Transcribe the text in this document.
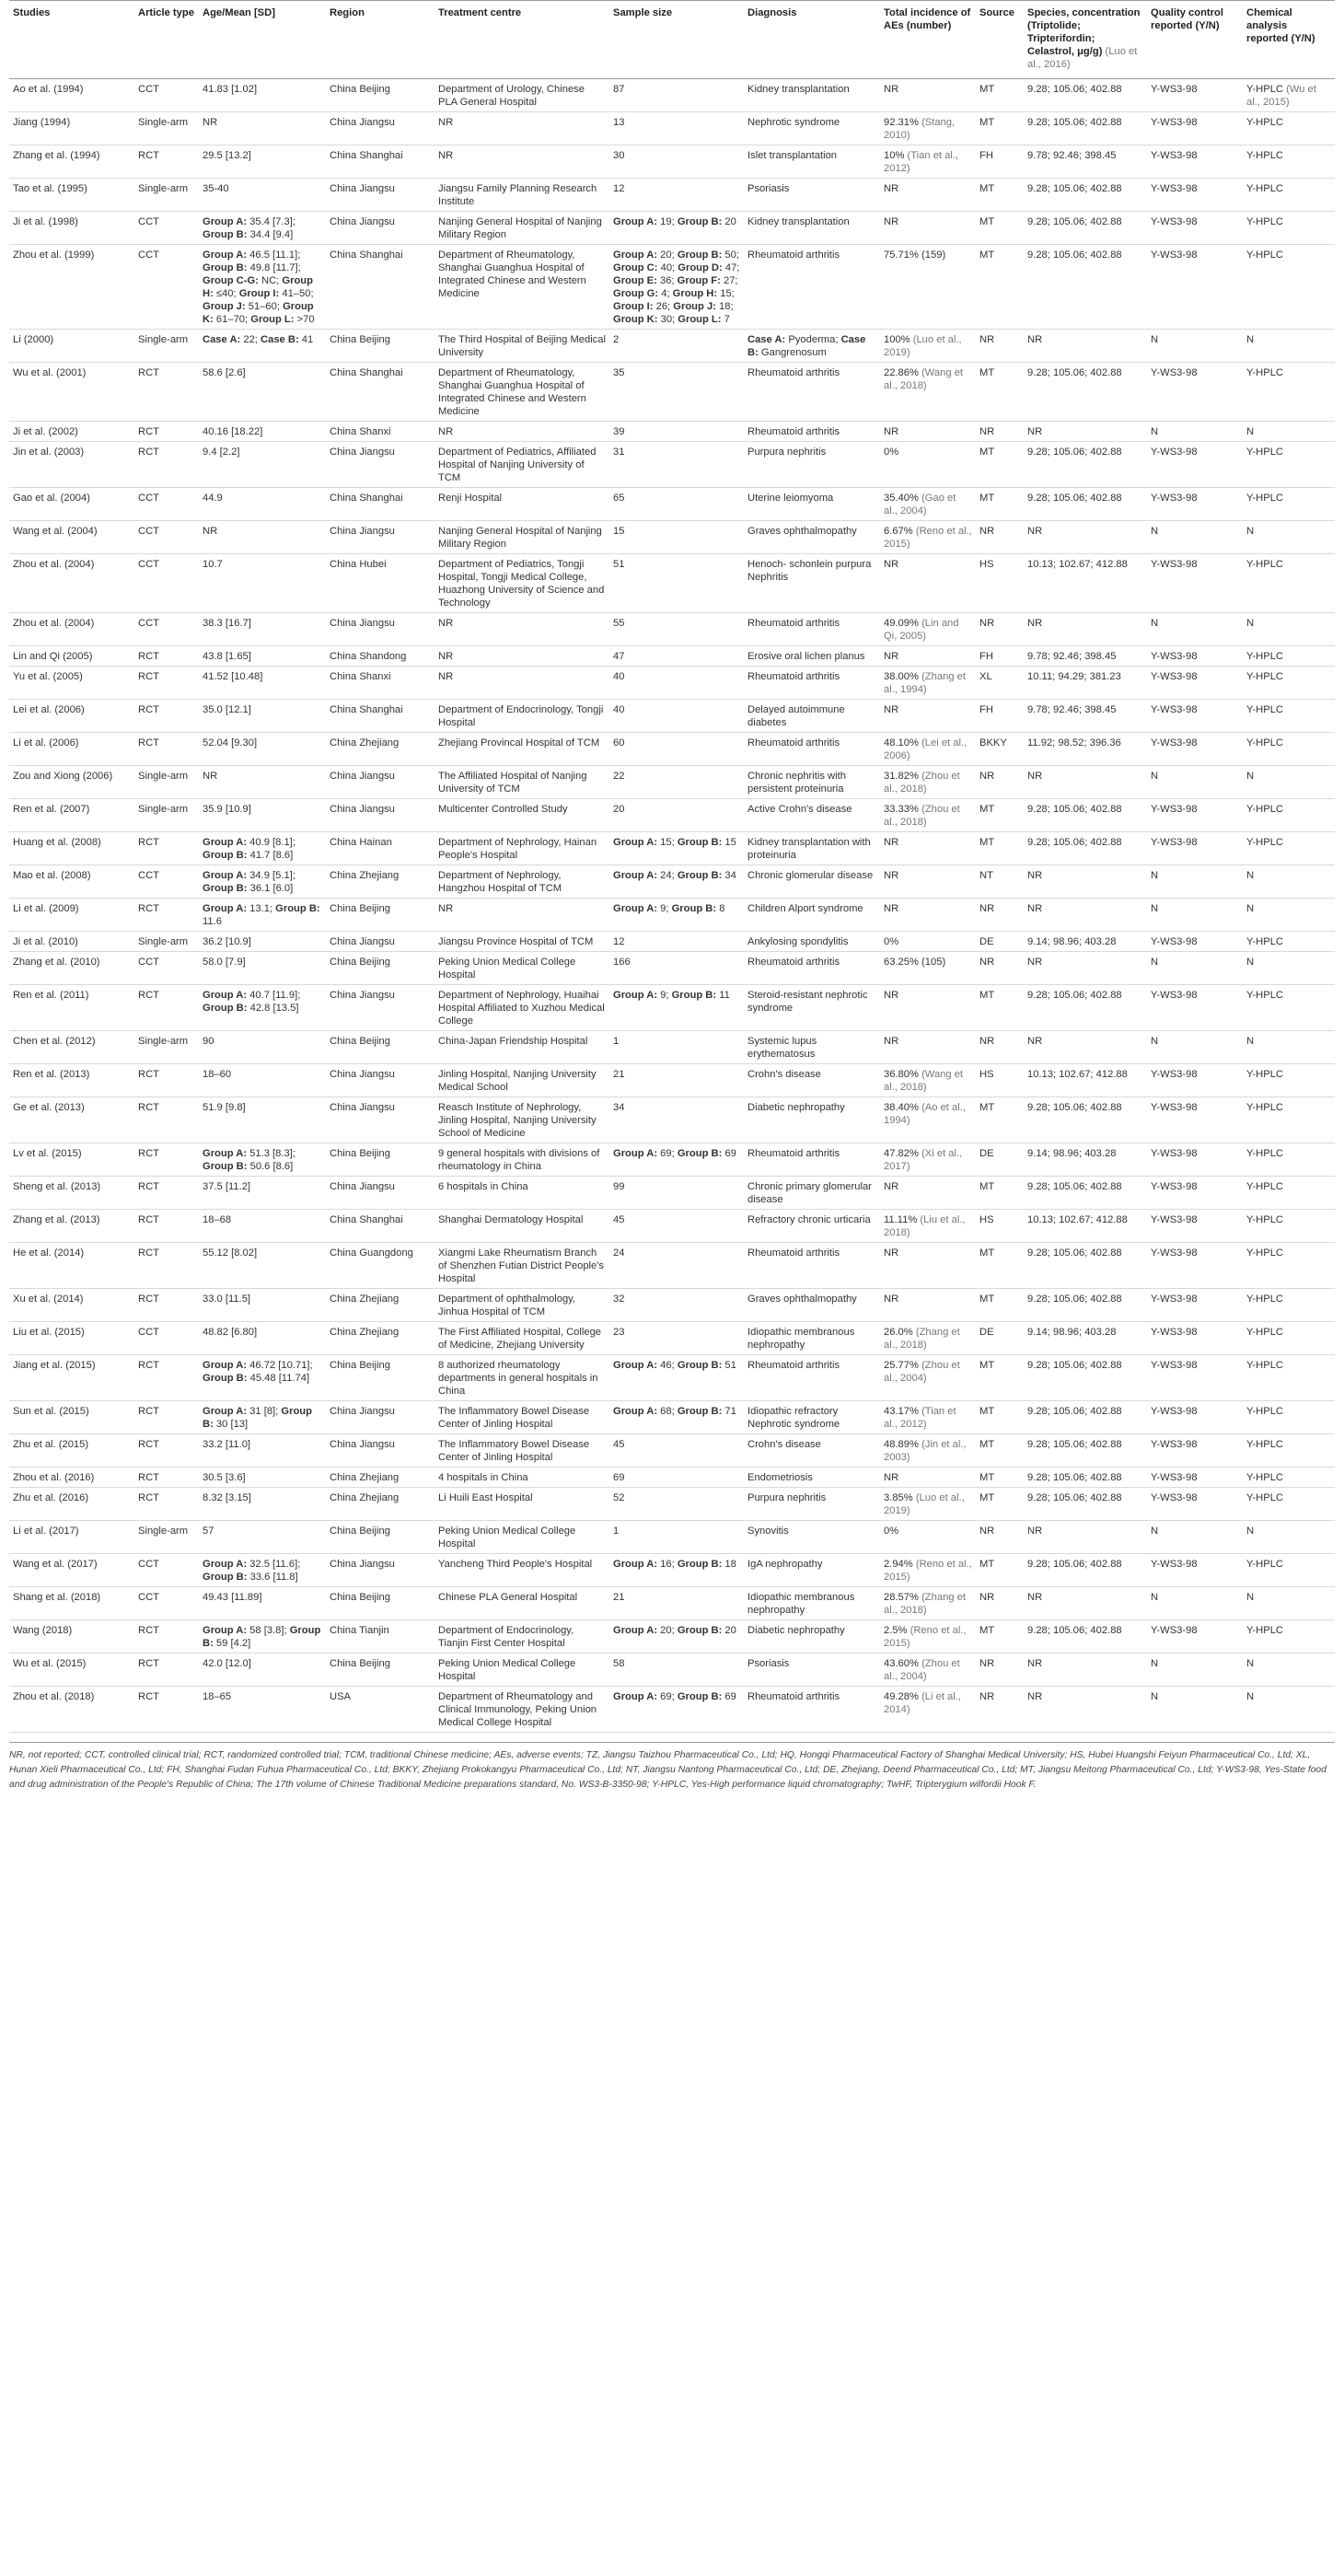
Studies	Article type	Age/Mean [SD]	Region	Treatment centre	Sample size	Diagnosis	Total incidence of AEs (number)	Source	Species, concentration (Triptolide; Tripterifordin; Celastrol, μg/g) (Luo et al., 2016)	Quality control reported (Y/N)	Chemical analysis reported (Y/N)
Ao et al. (1994)	CCT	41.83 [1.02]	China Beijing	Department of Urology, Chinese PLA General Hospital	87	Kidney transplantation	NR	MT	9.28; 105.06; 402.88	Y-WS3-98	Y-HPLC (Wu et al., 2015)
Jiang (1994)	Single-arm	NR	China Jiangsu	NR	13	Nephrotic syndrome	92.31% (Stang, 2010)	MT	9.28; 105.06; 402.88	Y-WS3-98	Y-HPLC
Zhang et al. (1994)	RCT	29.5 [13.2]	China Shanghai	NR	30	Islet transplantation	10% (Tian et al., 2012)	FH	9.78; 92.46; 398.45	Y-WS3-98	Y-HPLC
Tao et al. (1995)	Single-arm	35-40	China Jiangsu	Jiangsu Family Planning Research Institute	12	Psoriasis	NR	MT	9.28; 105.06; 402.88	Y-WS3-98	Y-HPLC
Ji et al. (1998)	CCT	Group A: 35.4 [7.3]; Group B: 34.4 [9.4]	China Jiangsu	Nanjing General Hospital of Nanjing Military Region	Group A: 19; Group B: 20	Kidney transplantation	NR	MT	9.28; 105.06; 402.88	Y-WS3-98	Y-HPLC
Zhou et al. (1999)	CCT	Group A: 46.5 [11.1]; Group B: 49.8 [11.7]; Group C-G: NC; Group H: ≤40; Group I: 41–50; Group J: 51–60; Group K: 61–70; Group L: >70	China Shanghai	Department of Rheumatology, Shanghai Guanghua Hospital of Integrated Chinese and Western Medicine	Group A: 20; Group B: 50; Group C: 40; Group D: 47; Group E: 36; Group F: 27; Group G: 4; Group H: 15; Group I: 26; Group J: 18; Group K: 30; Group L: 7	Rheumatoid arthritis	75.71% (159)	MT	9.28; 105.06; 402.88	Y-WS3-98	Y-HPLC
Li (2000)	Single-arm	Case A: 22; Case B: 41	China Beijing	The Third Hospital of Beijing Medical University	2	Case A: Pyoderma; Case B: Gangrenosum	100% (Luo et al., 2019)	NR	NR	N	N
Wu et al. (2001)	RCT	58.6 [2.6]	China Shanghai	Department of Rheumatology, Shanghai Guanghua Hospital of Integrated Chinese and Western Medicine	35	Rheumatoid arthritis	22.86% (Wang et al., 2018)	MT	9.28; 105.06; 402.88	Y-WS3-98	Y-HPLC
Ji et al. (2002)	RCT	40.16 [18.22]	China Shanxi	NR	39	Rheumatoid arthritis	NR	NR	NR	N	N
Jin et al. (2003)	RCT	9.4 [2.2]	China Jiangsu	Department of Pediatrics, Affiliated Hospital of Nanjing University of TCM	31	Purpura nephritis	0%	MT	9.28; 105.06; 402.88	Y-WS3-98	Y-HPLC
Gao et al. (2004)	CCT	44.9	China Shanghai	Renji Hospital	65	Uterine leiomyoma	35.40% (Gao et al., 2004)	MT	9.28; 105.06; 402.88	Y-WS3-98	Y-HPLC
Wang et al. (2004)	CCT	NR	China Jiangsu	Nanjing General Hospital of Nanjing Military Region	15	Graves ophthalmopathy	6.67% (Reno et al., 2015)	NR	NR	N	N
Zhou et al. (2004)	CCT	10.7	China Hubei	Department of Pediatrics, Tongji Hospital, Tongji Medical College, Huazhong University of Science and Technology	51	Henoch- schonlein purpura Nephritis	NR	HS	10.13; 102.67; 412.88	Y-WS3-98	Y-HPLC
Zhou et al. (2004)	CCT	38.3 [16.7]	China Jiangsu	NR	55	Rheumatoid arthritis	49.09% (Lin and Qi, 2005)	NR	NR	N	N
Lin and Qi (2005)	RCT	43.8 [1.65]	China Shandong	NR	47	Erosive oral lichen planus	NR	FH	9.78; 92.46; 398.45	Y-WS3-98	Y-HPLC
Yu et al. (2005)	RCT	41.52 [10.48]	China Shanxi	NR	40	Rheumatoid arthritis	38.00% (Zhang et al., 1994)	XL	10.11; 94.29; 381.23	Y-WS3-98	Y-HPLC
Lei et al. (2006)	RCT	35.0 [12.1]	China Shanghai	Department of Endocrinology, Tongji Hospital	40	Delayed autoimmune diabetes	NR	FH	9.78; 92.46; 398.45	Y-WS3-98	Y-HPLC
Li et al. (2006)	RCT	52.04 [9.30]	China Zhejiang	Zhejiang Provincal Hospital of TCM	60	Rheumatoid arthritis	48.10% (Lei et al., 2006)	BKKY	11.92; 98.52; 396.36	Y-WS3-98	Y-HPLC
Zou and Xiong (2006)	Single-arm	NR	China Jiangsu	The Affiliated Hospital of Nanjing University of TCM	22	Chronic nephritis with persistent proteinuria	31.82% (Zhou et al., 2018)	NR	NR	N	N
Ren et al. (2007)	Single-arm	35.9 [10.9]	China Jiangsu	Multicenter Controlled Study	20	Active Crohn's disease	33.33% (Zhou et al., 2018)	MT	9.28; 105.06; 402.88	Y-WS3-98	Y-HPLC
Huang et al. (2008)	RCT	Group A: 40.9 [8.1]; Group B: 41.7 [8.6]	China Hainan	Department of Nephrology, Hainan People's Hospital	Group A: 15; Group B: 15	Kidney transplantation with proteinuria	NR	MT	9.28; 105.06; 402.88	Y-WS3-98	Y-HPLC
Mao et al. (2008)	CCT	Group A: 34.9 [5.1]; Group B: 36.1 [6.0]	China Zhejiang	Department of Nephrology, Hangzhou Hospital of TCM	Group A: 24; Group B: 34	Chronic glomerular disease	NR	NT	NR	N	N
Li et al. (2009)	RCT	Group A: 13.1; Group B: 11.6	China Beijing	NR	Group A: 9; Group B: 8	Children Alport syndrome	NR	NR	NR	N	N
Ji et al. (2010)	Single-arm	36.2 [10.9]	China Jiangsu	Jiangsu Province Hospital of TCM	12	Ankylosing spondylitis	0%	DE	9.14; 98.96; 403.28	Y-WS3-98	Y-HPLC
Zhang et al. (2010)	CCT	58.0 [7.9]	China Beijing	Peking Union Medical College Hospital	166	Rheumatoid arthritis	63.25% (105)	NR	NR	N	N
Ren et al. (2011)	RCT	Group A: 40.7 [11.9]; Group B: 42.8 [13.5]	China Jiangsu	Department of Nephrology, Huaihai Hospital Affiliated to Xuzhou Medical College	Group A: 9; Group B: 11	Steroid-resistant nephrotic syndrome	NR	MT	9.28; 105.06; 402.88	Y-WS3-98	Y-HPLC
Chen et al. (2012)	Single-arm	90	China Beijing	China-Japan Friendship Hospital	1	Systemic lupus erythematosus	NR	NR	NR	N	N
Ren et al. (2013)	RCT	18–60	China Jiangsu	Jinling Hospital, Nanjing University Medical School	21	Crohn's disease	36.80% (Wang et al., 2018)	HS	10.13; 102.67; 412.88	Y-WS3-98	Y-HPLC
Ge et al. (2013)	RCT	51.9 [9.8]	China Jiangsu	Reasch Institute of Nephrology, Jinling Hospital, Nanjing University School of Medicine	34	Diabetic nephropathy	38.40% (Ao et al., 1994)	MT	9.28; 105.06; 402.88	Y-WS3-98	Y-HPLC
Lv et al. (2015)	RCT	Group A: 51.3 [8.3]; Group B: 50.6 [8.6]	China Beijing	9 general hospitals with divisions of rheumatology in China	Group A: 69; Group B: 69	Rheumatoid arthritis	47.82% (Xi et al., 2017)	DE	9.14; 98.96; 403.28	Y-WS3-98	Y-HPLC
Sheng et al. (2013)	RCT	37.5 [11.2]	China Jiangsu	6 hospitals in China	99	Chronic primary glomerular disease	NR	MT	9.28; 105.06; 402.88	Y-WS3-98	Y-HPLC
Zhang et al. (2013)	RCT	18–68	China Shanghai	Shanghai Dermatology Hospital	45	Refractory chronic urticaria	11.11% (Liu et al., 2018)	HS	10.13; 102.67; 412.88	Y-WS3-98	Y-HPLC
He et al. (2014)	RCT	55.12 [8.02]	China Guangdong	Xiangmi Lake Rheumatism Branch of Shenzhen Futian District People's Hospital	24	Rheumatoid arthritis	NR	MT	9.28; 105.06; 402.88	Y-WS3-98	Y-HPLC
Xu et al. (2014)	RCT	33.0 [11.5]	China Zhejiang	Department of ophthalmology, Jinhua Hospital of TCM	32	Graves ophthalmopathy	NR	MT	9.28; 105.06; 402.88	Y-WS3-98	Y-HPLC
Liu et al. (2015)	CCT	48.82 [6.80]	China Zhejiang	The First Affiliated Hospital, College of Medicine, Zhejiang University	23	Idiopathic membranous nephropathy	26.0% (Zhang et al., 2018)	DE	9.14; 98.96; 403.28	Y-WS3-98	Y-HPLC
Jiang et al. (2015)	RCT	Group A: 46.72 [10.71]; Group B: 45.48 [11.74]	China Beijing	8 authorized rheumatology departments in general hospitals in China	Group A: 46; Group B: 51	Rheumatoid arthritis	25.77% (Zhou et al., 2004)	MT	9.28; 105.06; 402.88	Y-WS3-98	Y-HPLC
Sun et al. (2015)	RCT	Group A: 31 [8]; Group B: 30 [13]	China Jiangsu	The Inflammatory Bowel Disease Center of Jinling Hospital	Group A: 68; Group B: 71	Idiopathic refractory Nephrotic syndrome	43.17% (Tian et al., 2012)	MT	9.28; 105.06; 402.88	Y-WS3-98	Y-HPLC
Zhu et al. (2015)	RCT	33.2 [11.0]	China Jiangsu	The Inflammatory Bowel Disease Center of Jinling Hospital	45	Crohn's disease	48.89% (Jin et al., 2003)	MT	9.28; 105.06; 402.88	Y-WS3-98	Y-HPLC
Zhou et al. (2016)	RCT	30.5 [3.6]	China Zhejiang	4 hospitals in China	69	Endometriosis	NR	MT	9.28; 105.06; 402.88	Y-WS3-98	Y-HPLC
Zhu et al. (2016)	RCT	8.32 [3.15]	China Zhejiang	Li Huili East Hospital	52	Purpura nephritis	3.85% (Luo et al., 2019)	MT	9.28; 105.06; 402.88	Y-WS3-98	Y-HPLC
Li et al. (2017)	Single-arm	57	China Beijing	Peking Union Medical College Hospital	1	Synovitis	0%	NR	NR	N	N
Wang et al. (2017)	CCT	Group A: 32.5 [11.6]; Group B: 33.6 [11.8]	China Jiangsu	Yancheng Third People's Hospital	Group A: 16; Group B: 18	IgA nephropathy	2.94% (Reno et al., 2015)	MT	9.28; 105.06; 402.88	Y-WS3-98	Y-HPLC
Shang et al. (2018)	CCT	49.43 [11.89]	China Beijing	Chinese PLA General Hospital	21	Idiopathic membranous nephropathy	28.57% (Zhang et al., 2018)	NR	NR	N	N
Wang (2018)	RCT	Group A: 58 [3.8]; Group B: 59 [4.2]	China Tianjin	Department of Endocrinology, Tianjin First Center Hospital	Group A: 20; Group B: 20	Diabetic nephropathy	2.5% (Reno et al., 2015)	MT	9.28; 105.06; 402.88	Y-WS3-98	Y-HPLC
Wu et al. (2015)	RCT	42.0 [12.0]	China Beijing	Peking Union Medical College Hospital	58	Psoriasis	43.60% (Zhou et al., 2004)	NR	NR	N	N
Zhou et al. (2018)	RCT	18–65	USA	Department of Rheumatology and Clinical Immunology, Peking Union Medical College Hospital	Group A: 69; Group B: 69	Rheumatoid arthritis	49.28% (Li et al., 2014)	NR	NR	N	N
NR, not reported; CCT, controlled clinical trial; RCT, randomized controlled trial; TCM, traditional Chinese medicine; AEs, adverse events; TZ, Jiangsu Taizhou Pharmaceutical Co., Ltd; HQ, Hongqi Pharmaceutical Factory of Shanghai Medical University; HS, Hubei Huangshi Feiyun Pharmaceutical Co., Ltd; XL, Hunan Xieli Pharmaceutical Co., Ltd; FH, Shanghai Fudan Fuhua Pharmaceutical Co., Ltd; BKKY, Zhejiang Prokokangyu Pharmaceutical Co., Ltd; NT, Jiangsu Nantong Pharmaceutical Co., Ltd; DE, Zhejiang, Deend Pharmaceutical Co., Ltd; MT, Jiangsu Meitong Pharmaceutical Co., Ltd; Y-WS3-98, Yes-State food and drug administration of the People's Republic of China; The 17th volume of Chinese Traditional Medicine preparations standard, No. WS3-B-3350-98; Y-HPLC, Yes-High performance liquid chromatography; TwHF, Tripterygium wilfordii Hook F.
